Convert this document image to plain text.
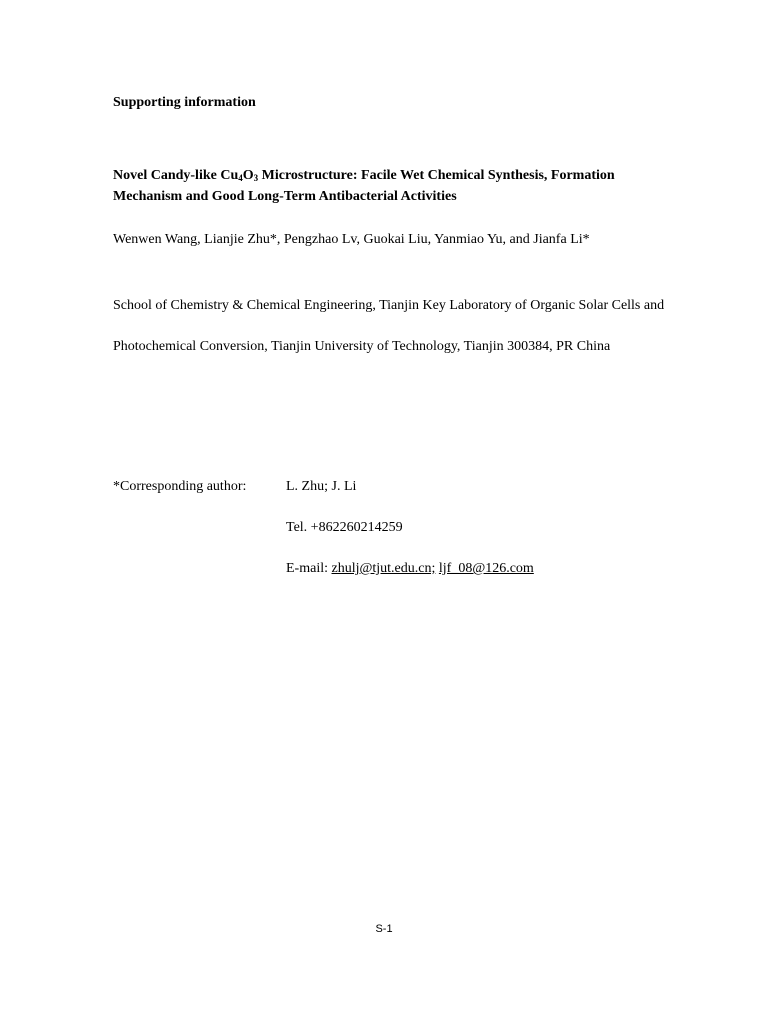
Supporting information

Novel Candy-like $Cu_4O_3$ Microstructure: Facile Wet Chemical Synthesis, Formation Mechanism and Good Long-Term Antibacterial Activities

Wenwen Wang, Lianjie Zhu*, Pengzhao Lv, Guokai Liu, Yanmiao Yu, and Jianfa Li*

School of Chemistry & Chemical Engineering, Tianjin Key Laboratory of Organic Solar Cells and Photochemical Conversion, Tianjin University of Technology, Tianjin 300384, PR China

*Corresponding author:	L. Zhu; J. Li

Tel. +862260214259

E-mail: zhulj@tjut.edu.cn; ljf_08@126.com

S-1
